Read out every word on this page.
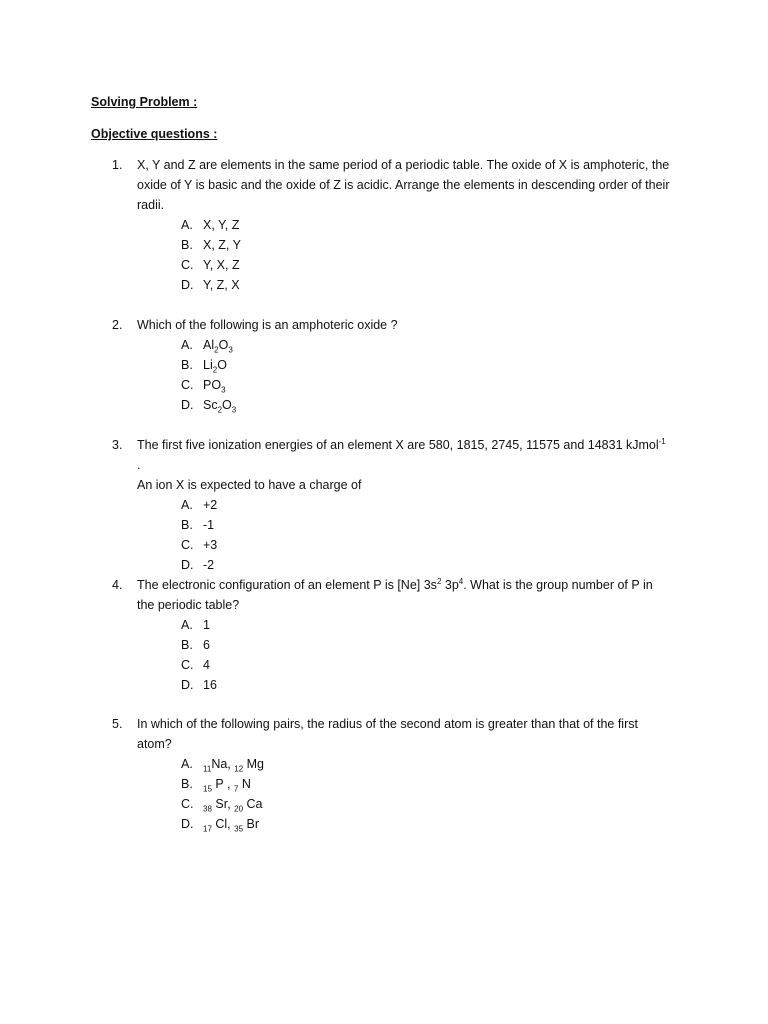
Solving Problem :
Objective questions :
1. X, Y and Z are elements in the same period of a periodic table. The oxide of X is amphoteric, the oxide of Y is basic and the oxide of Z is acidic. Arrange the elements in descending order of their radii.
A. X, Y, Z
B. X, Z, Y
C. Y, X, Z
D. Y, Z, X
2. Which of the following is an amphoteric oxide ?
A. $Al_2O_3$
B. $Li_2O$
C. $PO_3$
D. $Sc_2O_3$
3. The first five ionization energies of an element X are 580, 1815, 2745, 11575 and 14831 kJmol$^{-1}$ .
An ion X is expected to have a charge of
A. +2
B. -1
C. +3
D. -2
4. The electronic configuration of an element P is [Ne] $3s^2$ $3p^4$. What is the group number of P in the periodic table?
A. 1
B. 6
C. 4
D. 16
5. In which of the following pairs, the radius of the second atom is greater than that of the first atom?
A. $_{11}$Na, $_{12}$ Mg
B. $_{15}$ P , $_7$ N
C. $_{38}$ Sr, $_{20}$ Ca
D. $_{17}$ Cl, $_{35}$ Br
